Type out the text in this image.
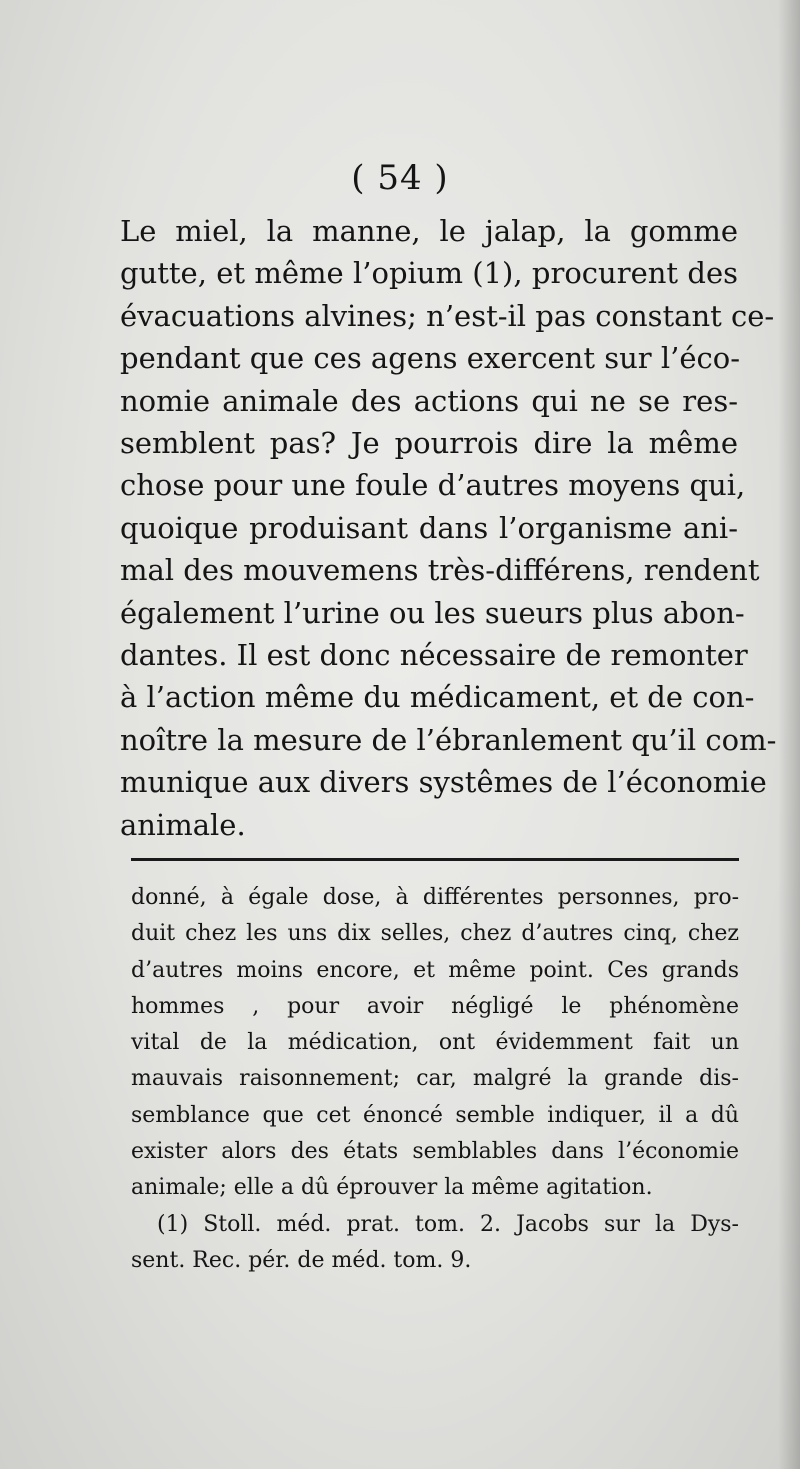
( 54 )

Le miel, la manne, le jalap, la gomme
gutte, et même l’opium (1), procurent des
évacuations alvines; n’est-il pas constant ce-
pendant que ces agens exercent sur l’éco-
nomie animale des actions qui ne se res-
semblent pas? Je pourrois dire la même
chose pour une foule d’autres moyens qui,
quoique produisant dans l’organisme ani-
mal des mouvemens très-différens, rendent
également l’urine ou les sueurs plus abon-
dantes. Il est donc nécessaire de remonter
à l’action même du médicament, et de con-
noître la mesure de l’ébranlement qu’il com-
munique aux divers systêmes de l’économie
animale.

donné, à égale dose, à différentes personnes, pro-
duit chez les uns dix selles, chez d’autres cinq, chez
d’autres moins encore, et même point. Ces grands
hommes , pour avoir négligé le phénomène
vital de la médication, ont évidemment fait un
mauvais raisonnement; car, malgré la grande dis-
semblance que cet énoncé semble indiquer, il a dû
exister alors des états semblables dans l’économie
animale; elle a dû éprouver la même agitation.
(1) Stoll. méd. prat. tom. 2. Jacobs sur la Dys-
sent. Rec. pér. de méd. tom. 9.
